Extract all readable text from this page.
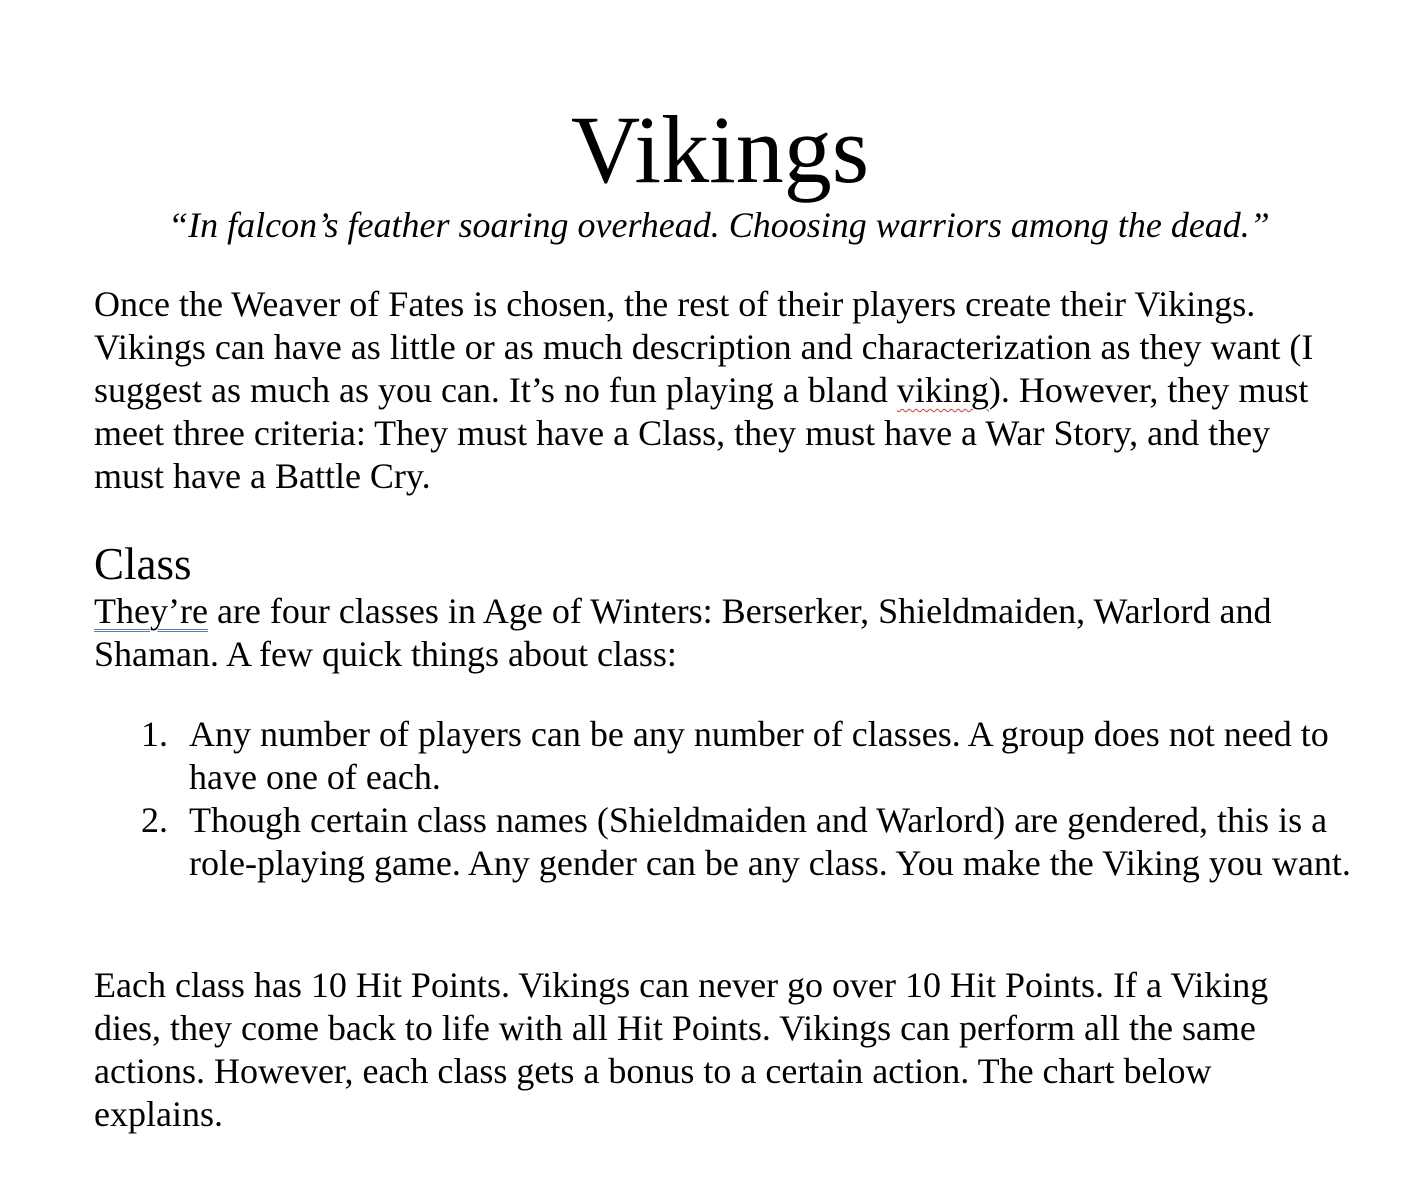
Vikings

“In falcon’s feather soaring overhead. Choosing warriors among the dead.”

Once the Weaver of Fates is chosen, the rest of their players create their Vikings. Vikings can have as little or as much description and characterization as they want (I suggest as much as you can. It’s no fun playing a bland viking). However, they must meet three criteria: They must have a Class, they must have a War Story, and they must have a Battle Cry.

Class

They’re are four classes in Age of Winters: Berserker, Shieldmaiden, Warlord and Shaman. A few quick things about class:

1. Any number of players can be any number of classes. A group does not need to have one of each.
2. Though certain class names (Shieldmaiden and Warlord) are gendered, this is a role-playing game. Any gender can be any class. You make the Viking you want.

Each class has 10 Hit Points. Vikings can never go over 10 Hit Points. If a Viking dies, they come back to life with all Hit Points. Vikings can perform all the same actions. However, each class gets a bonus to a certain action. The chart below explains.
